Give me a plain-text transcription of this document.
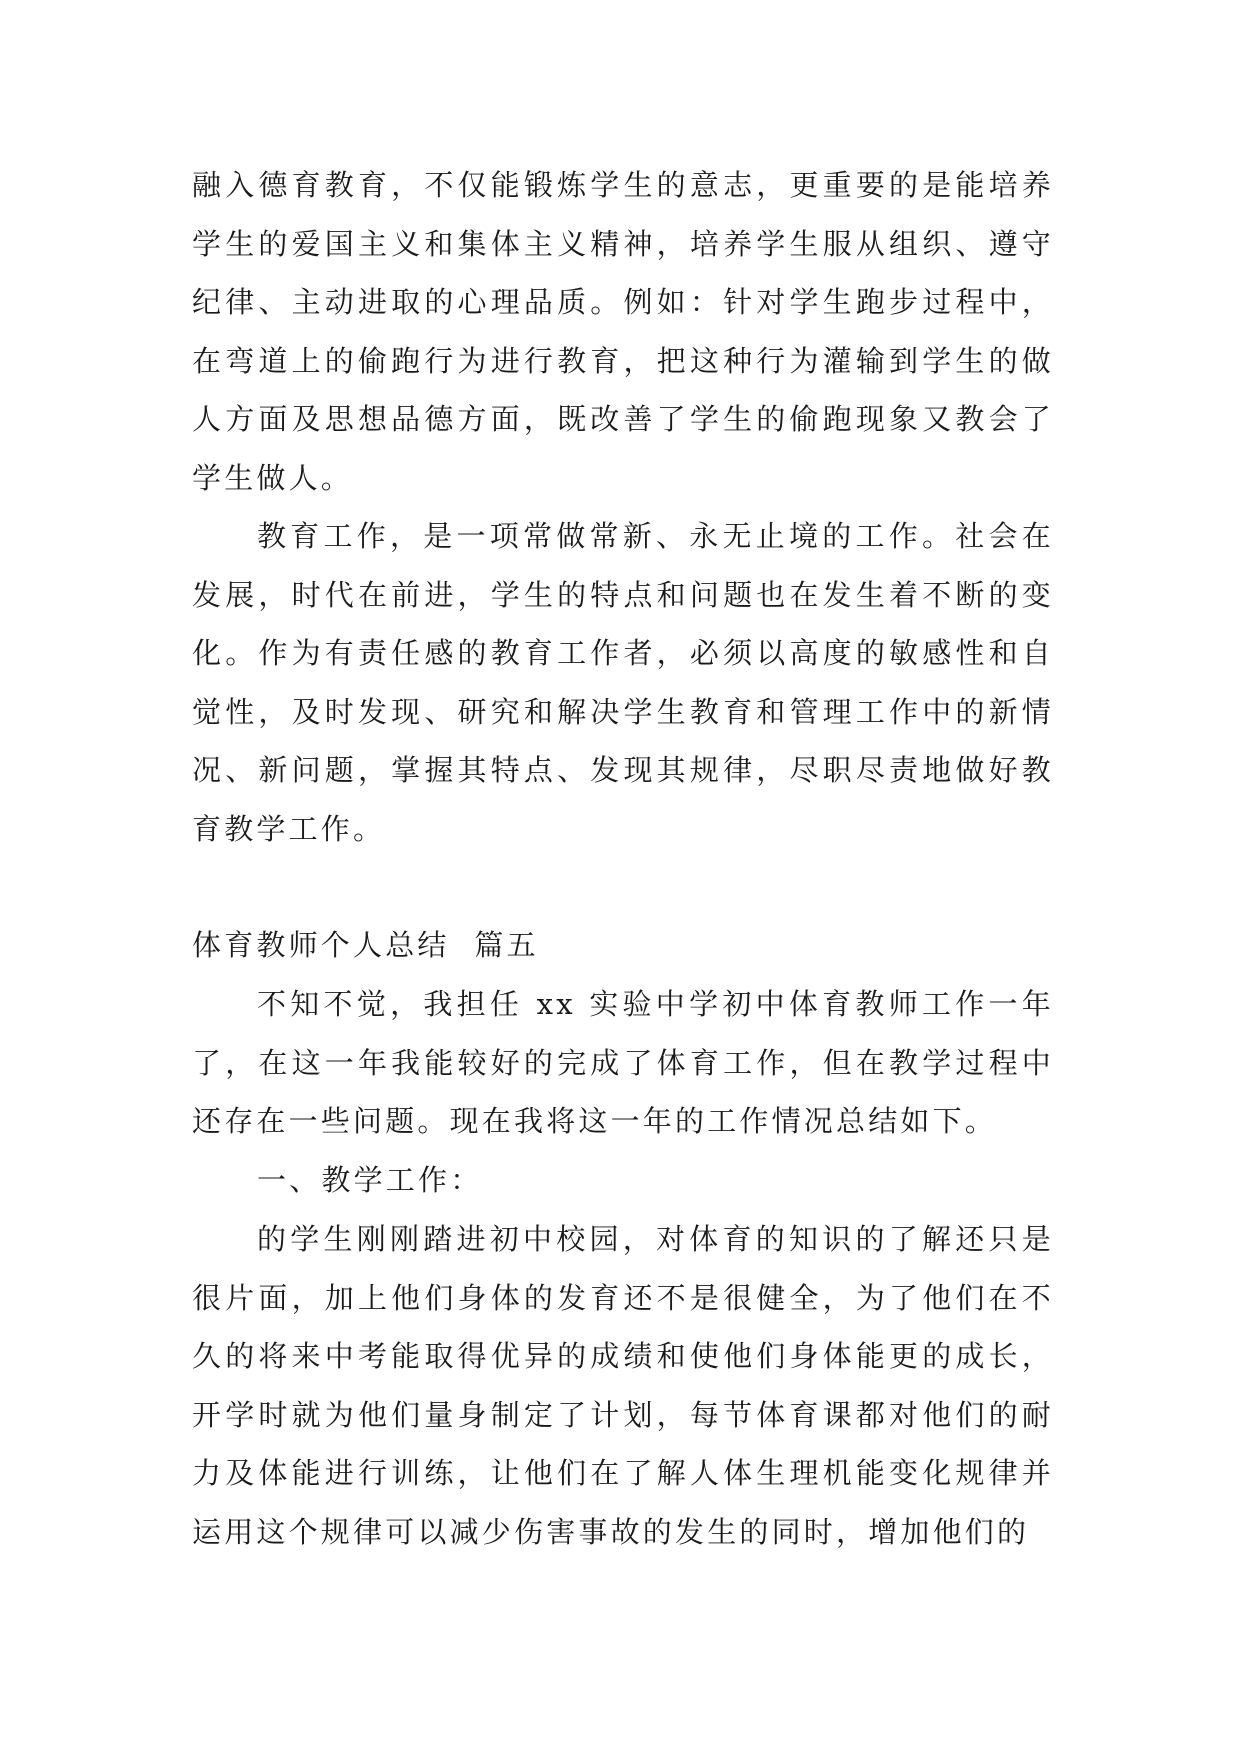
融入德育教育，不仅能锻炼学生的意志，更重要的是能培养学生的爱国主义和集体主义精神，培养学生服从组织、遵守纪律、主动进取的心理品质。例如：针对学生跑步过程中，在弯道上的偷跑行为进行教育，把这种行为灌输到学生的做人方面及思想品德方面，既改善了学生的偷跑现象又教会了学生做人。

教育工作，是一项常做常新、永无止境的工作。社会在发展，时代在前进，学生的特点和问题也在发生着不断的变化。作为有责任感的教育工作者，必须以高度的敏感性和自觉性，及时发现、研究和解决学生教育和管理工作中的新情况、新问题，掌握其特点、发现其规律，尽职尽责地做好教育教学工作。

体育教师个人总结  篇五

不知不觉，我担任 xx 实验中学初中体育教师工作一年了，在这一年我能较好的完成了体育工作，但在教学过程中还存在一些问题。现在我将这一年的工作情况总结如下。

一、教学工作：

的学生刚刚踏进初中校园，对体育的知识的了解还只是很片面，加上他们身体的发育还不是很健全，为了他们在不久的将来中考能取得优异的成绩和使他们身体能更的成长，开学时就为他们量身制定了计划，每节体育课都对他们的耐力及体能进行训练，让他们在了解人体生理机能变化规律并运用这个规律可以减少伤害事故的发生的同时，增加他们的
